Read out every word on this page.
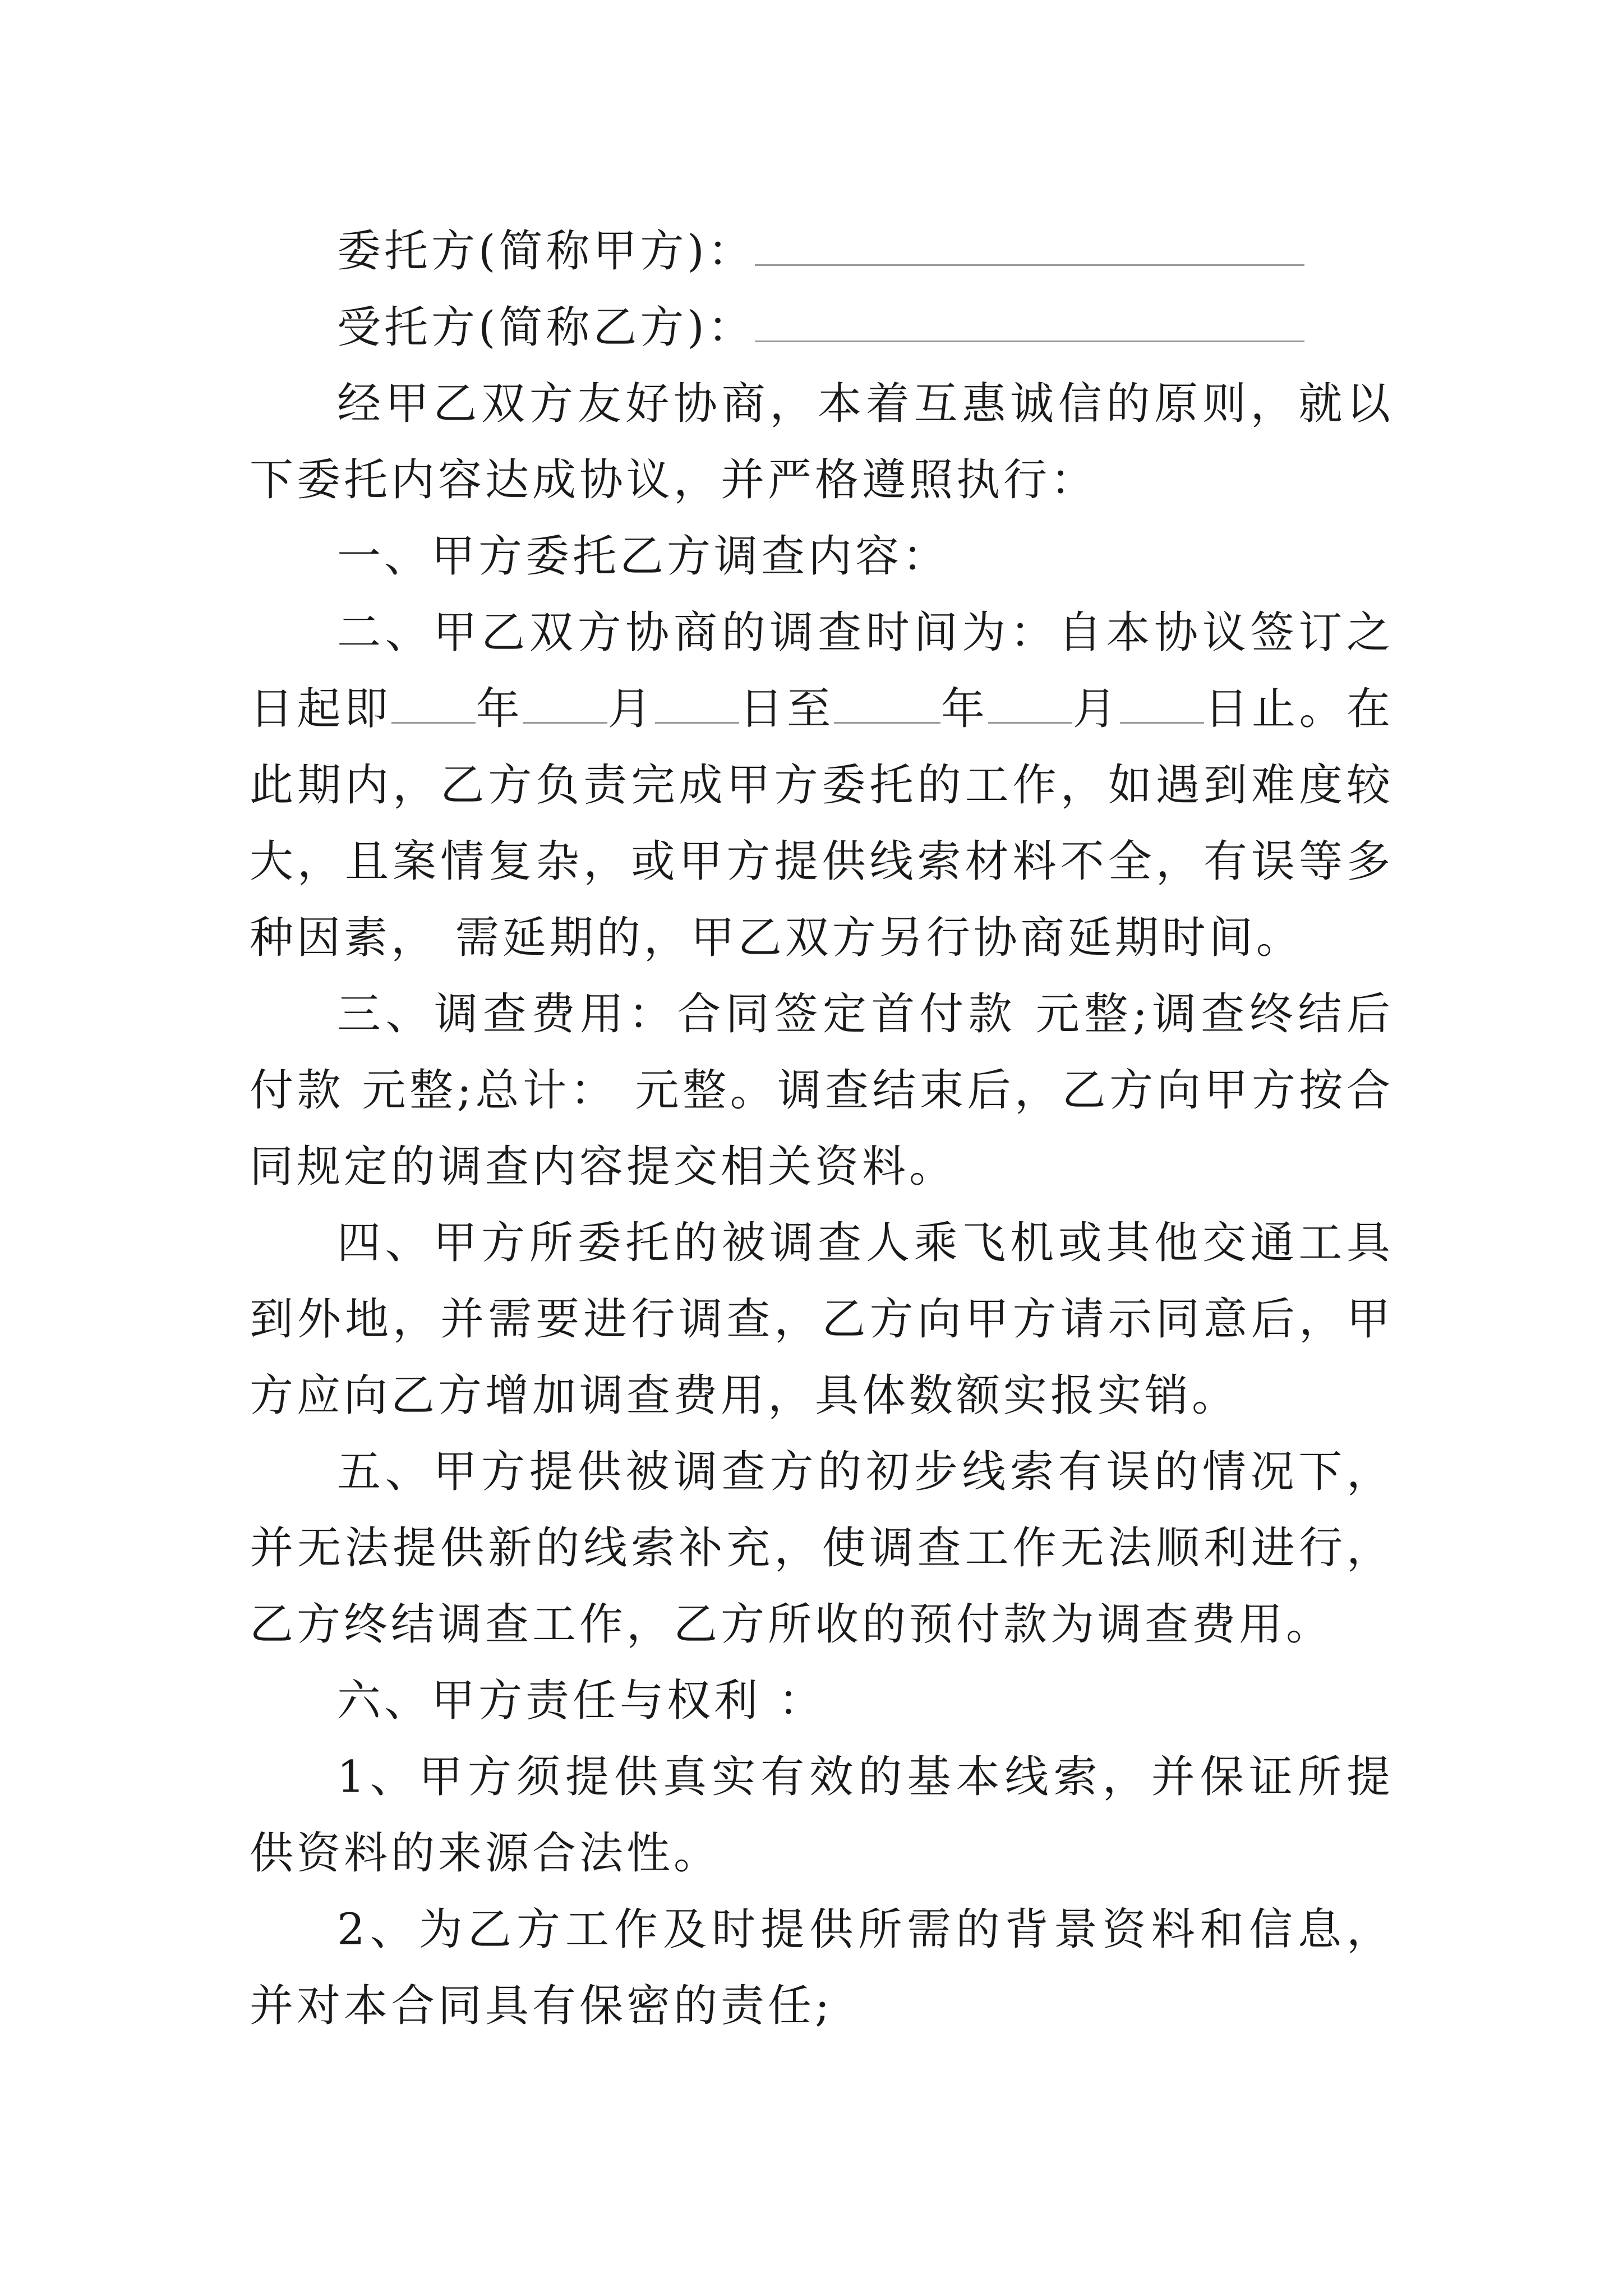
委托方(简称甲方)：

受托方(简称乙方)：

经甲乙双方友好协商，本着互惠诚信的原则，就以下委托内容达成协议，并严格遵照执行：

一、甲方委托乙方调查内容：

二、甲乙双方协商的调查时间为：自本协议签订之日起即 年 月 日至 年 月 日止。在此期内，乙方负责完成甲方委托的工作，如遇到难度较大，且案情复杂，或甲方提供线索材料不全，有误等多种因素， 需延期的，甲乙双方另行协商延期时间。

三、调查费用：合同签定首付款 元整;调查终结后付款 元整;总计： 元整。调查结束后，乙方向甲方按合同规定的调查内容提交相关资料。

四、甲方所委托的被调查人乘飞机或其他交通工具到外地，并需要进行调查，乙方向甲方请示同意后，甲方应向乙方增加调查费用，具体数额实报实销。

五、甲方提供被调查方的初步线索有误的情况下，并无法提供新的线索补充，使调查工作无法顺利进行，乙方终结调查工作，乙方所收的预付款为调查费用。

六、甲方责任与权利 ：

1、甲方须提供真实有效的基本线索，并保证所提供资料的来源合法性。

2、为乙方工作及时提供所需的背景资料和信息，并对本合同具有保密的责任;
